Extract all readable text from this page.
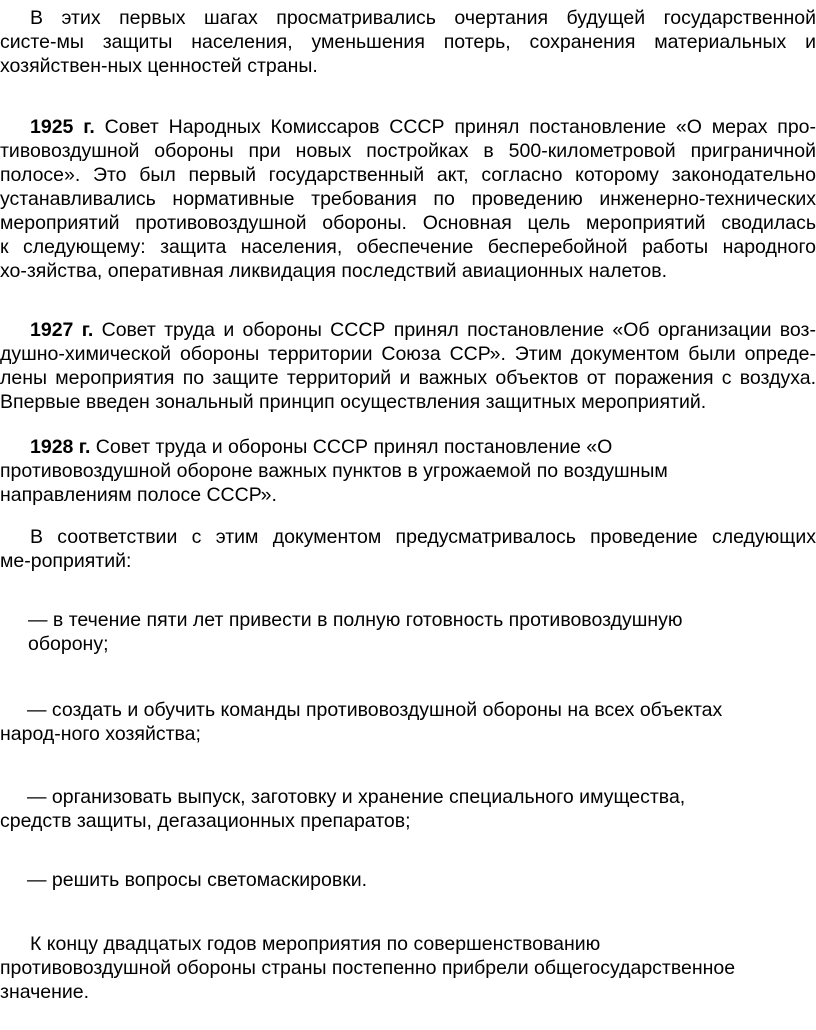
В этих первых шагах просматривались очертания будущей государственной
систе-мы защиты населения, уменьшения потерь, сохранения материальных и
хозяйствен-ных ценностей страны.

1925 г. Совет Народных Комиссаров СССР принял постановление «О мерах про-
тивовоздушной обороны при новых постройках в 500-километровой приграничной
полосе». Это был первый государственный акт, согласно которому законодательно
устанавливались нормативные требования по проведению инженерно-технических
мероприятий противовоздушной обороны. Основная цель мероприятий сводилась
к следующему: защита населения, обеспечение бесперебойной работы народного
хо-зяйства, оперативная ликвидация последствий авиационных налетов.

1927 г. Совет труда и обороны СССР принял постановление «Об организации воз-
душно-химической обороны территории Союза ССР». Этим документом были опреде-
лены мероприятия по защите территорий и важных объектов от поражения с воздуха.
Впервые введен зональный принцип осуществления защитных мероприятий.

1928 г. Совет труда и обороны СССР принял постановление «О
противовоздушной обороне важных пунктов в угрожаемой по воздушным
направлениям полосе СССР».

В соответствии с этим документом предусматривалось проведение следующих
ме-роприятий:

— в течение пяти лет привести в полную готовность противовоздушную
оборону;

— создать и обучить команды противовоздушной обороны на всех объектах
народ-ного хозяйства;

— организовать выпуск, заготовку и хранение специального имущества,
средств защиты, дегазационных препаратов;

— решить вопросы светомаскировки.

К концу двадцатых годов мероприятия по совершенствованию
противовоздушной обороны страны постепенно прибрели общегосударственное
значение.
